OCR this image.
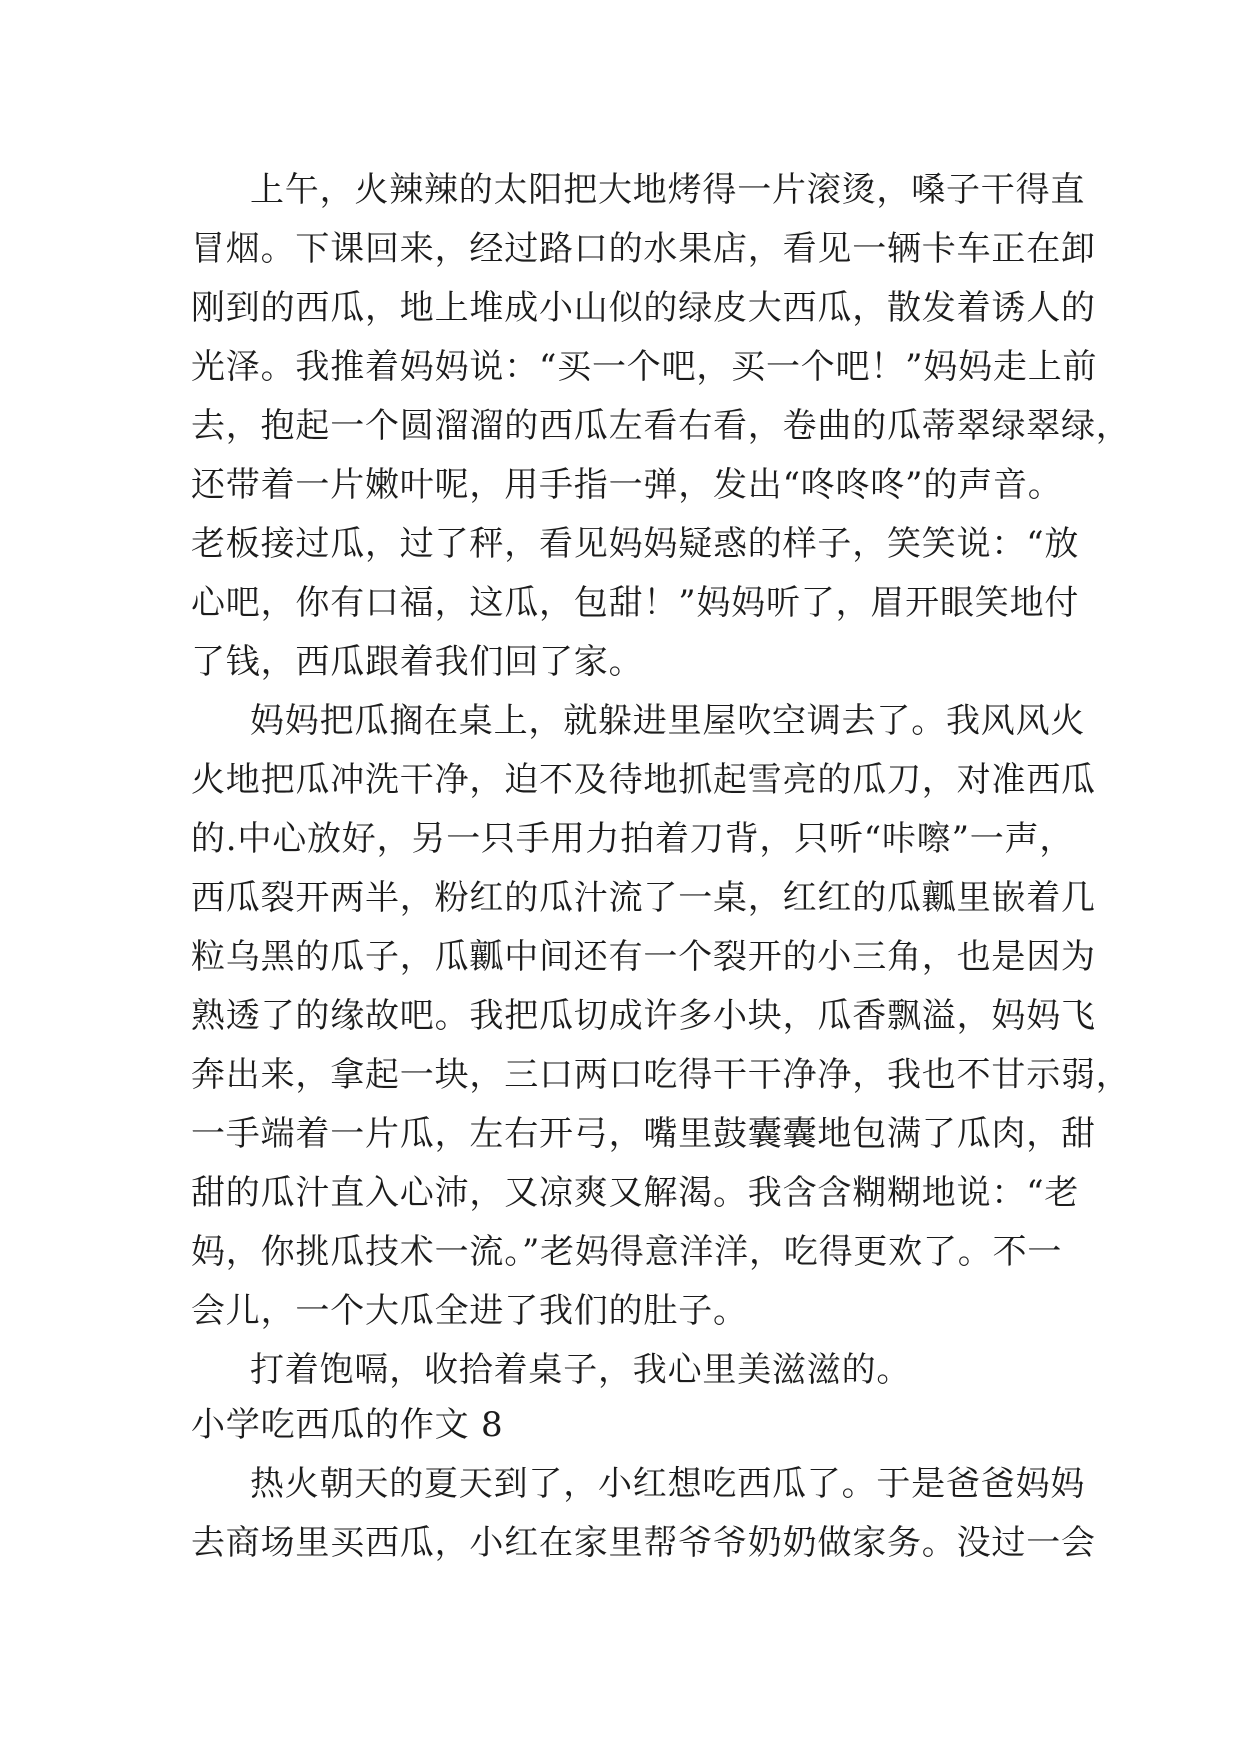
上午，火辣辣的太阳把大地烤得一片滚烫，嗓子干得直
冒烟。下课回来，经过路口的水果店，看见一辆卡车正在卸
刚到的西瓜，地上堆成小山似的绿皮大西瓜，散发着诱人的
光泽。我推着妈妈说：“买一个吧，买一个吧！”妈妈走上前
去，抱起一个圆溜溜的西瓜左看右看，卷曲的瓜蒂翠绿翠绿，
还带着一片嫩叶呢，用手指一弹，发出“咚咚咚”的声音。
老板接过瓜，过了秤，看见妈妈疑惑的样子，笑笑说：“放
心吧，你有口福，这瓜，包甜！”妈妈听了，眉开眼笑地付
了钱，西瓜跟着我们回了家。
妈妈把瓜搁在桌上，就躲进里屋吹空调去了。我风风火
火地把瓜冲洗干净，迫不及待地抓起雪亮的瓜刀，对准西瓜
的.中心放好，另一只手用力拍着刀背，只听“咔嚓”一声，
西瓜裂开两半，粉红的瓜汁流了一桌，红红的瓜瓤里嵌着几
粒乌黑的瓜子，瓜瓤中间还有一个裂开的小三角，也是因为
熟透了的缘故吧。我把瓜切成许多小块，瓜香飘溢，妈妈飞
奔出来，拿起一块，三口两口吃得干干净净，我也不甘示弱，
一手端着一片瓜，左右开弓，嘴里鼓囊囊地包满了瓜肉，甜
甜的瓜汁直入心沛，又凉爽又解渴。我含含糊糊地说：“老
妈，你挑瓜技术一流。”老妈得意洋洋，吃得更欢了。不一
会儿，一个大瓜全进了我们的肚子。
打着饱嗝，收拾着桌子，我心里美滋滋的。
小学吃西瓜的作文 8
热火朝天的夏天到了，小红想吃西瓜了。于是爸爸妈妈
去商场里买西瓜，小红在家里帮爷爷奶奶做家务。没过一会
